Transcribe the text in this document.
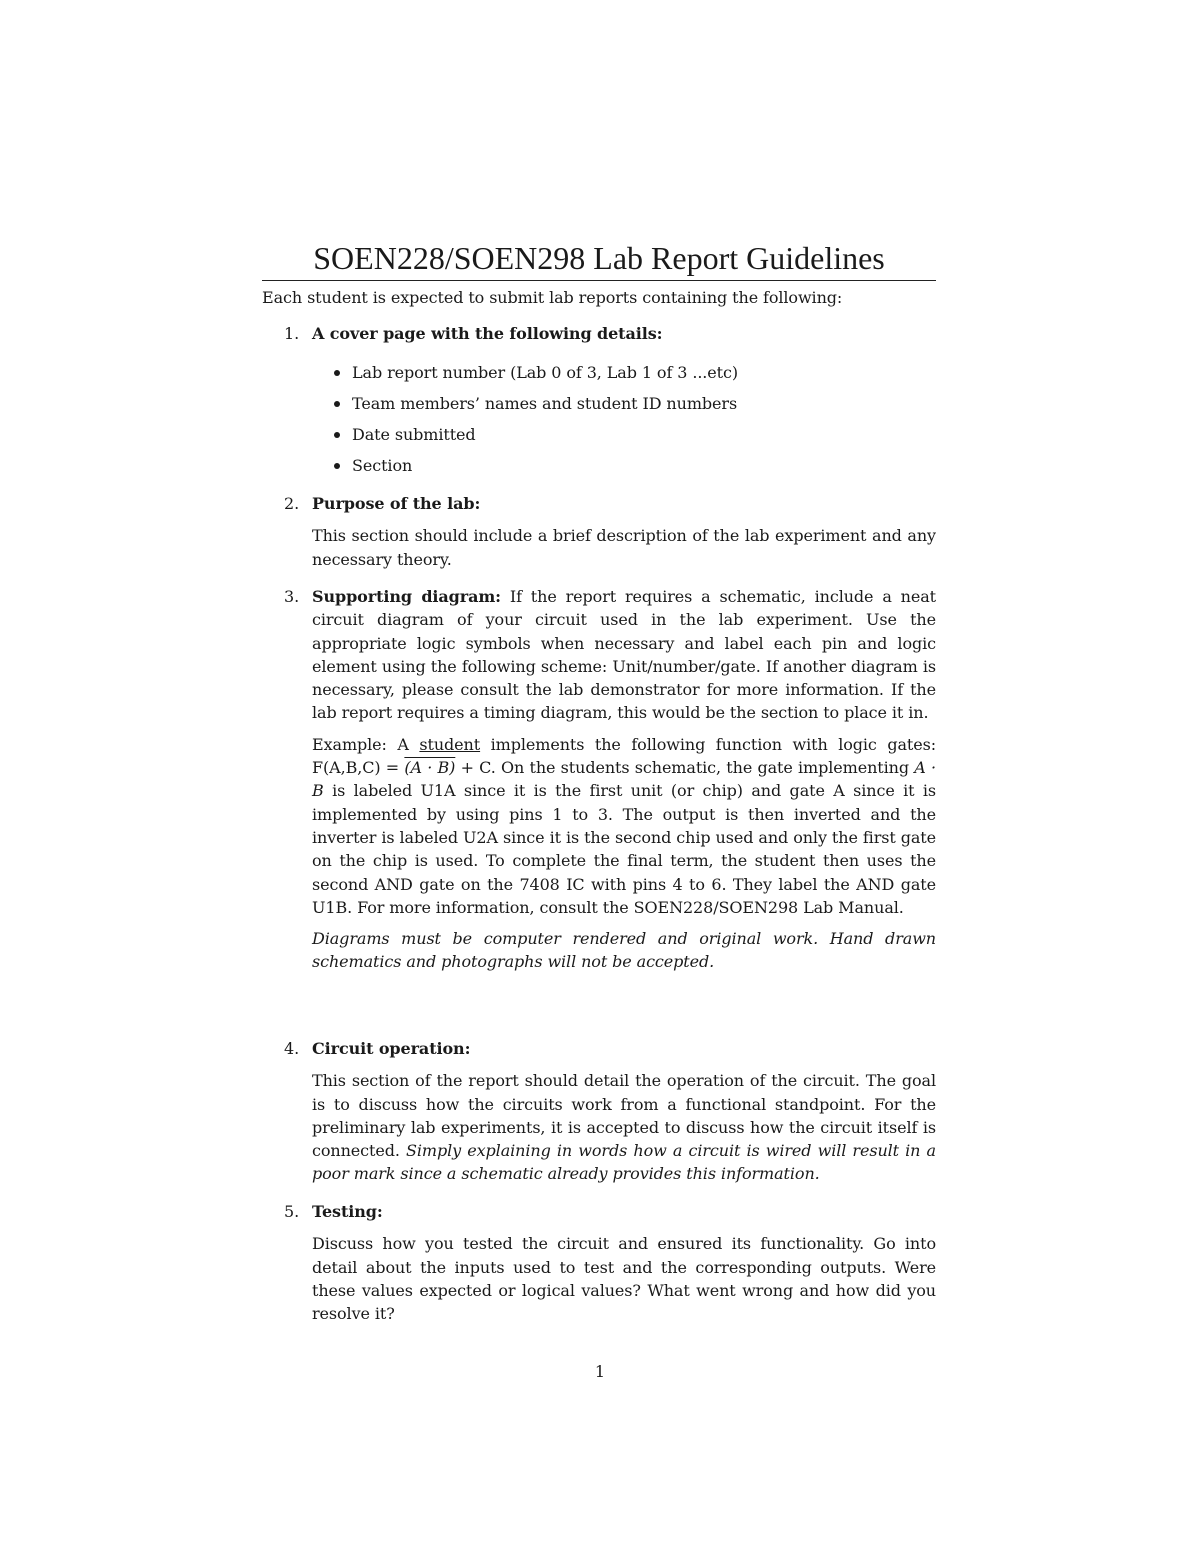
SOEN228/SOEN298 Lab Report Guidelines
Each student is expected to submit lab reports containing the following:
1. A cover page with the following details:
Lab report number (Lab 0 of 3, Lab 1 of 3 ...etc)
Team members’ names and student ID numbers
Date submitted
Section
2. Purpose of the lab:
This section should include a brief description of the lab experiment and any necessary theory.
3. Supporting diagram: If the report requires a schematic, include a neat circuit diagram of your circuit used in the lab experiment. Use the appropriate logic symbols when necessary and label each pin and logic element using the following scheme: Unit/number/gate. If another diagram is necessary, please consult the lab demonstrator for more information. If the lab report requires a timing diagram, this would be the section to place it in.
Example: A student implements the following function with logic gates: F(A,B,C) = (A · B) + C. On the students schematic, the gate implementing A · B is labeled U1A since it is the first unit (or chip) and gate A since it is implemented by using pins 1 to 3. The output is then inverted and the inverter is labeled U2A since it is the second chip used and only the first gate on the chip is used. To complete the final term, the student then uses the second AND gate on the 7408 IC with pins 4 to 6. They label the AND gate U1B. For more information, consult the SOEN228/SOEN298 Lab Manual.
Diagrams must be computer rendered and original work. Hand drawn schematics and photographs will not be accepted.
4. Circuit operation:
This section of the report should detail the operation of the circuit. The goal is to discuss how the circuits work from a functional standpoint. For the preliminary lab experiments, it is accepted to discuss how the circuit itself is connected. Simply explaining in words how a circuit is wired will result in a poor mark since a schematic already provides this information.
5. Testing:
Discuss how you tested the circuit and ensured its functionality. Go into detail about the inputs used to test and the corresponding outputs. Were these values expected or logical values? What went wrong and how did you resolve it?
1
